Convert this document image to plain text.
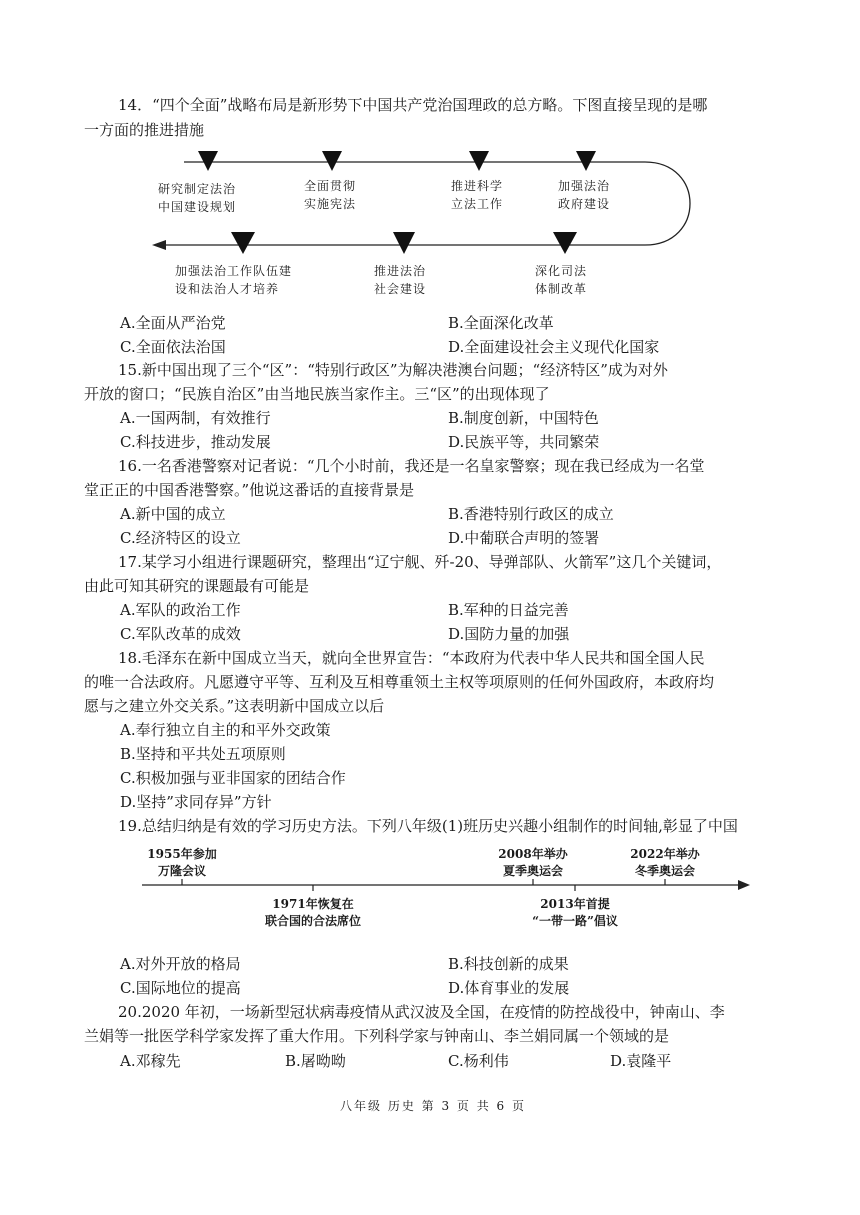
14．“四个全面”战略布局是新形势下中国共产党治国理政的总方略。下图直接呈现的是哪
一方面的推进措施
研究制定法治
中国建设规划
全面贯彻
实施宪法
推进科学
立法工作
加强法治
政府建设
加强法治工作队伍建
设和法治人才培养
推进法治
社会建设
深化司法
体制改革
A.全面从严治党	B.全面深化改革
C.全面依法治国	D.全面建设社会主义现代化国家
15.新中国出现了三个“区”：“特别行政区”为解决港澳台问题；“经济特区”成为对外
开放的窗口；“民族自治区”由当地民族当家作主。三“区”的出现体现了
A.一国两制，有效推行	B.制度创新，中国特色
C.科技进步，推动发展	D.民族平等，共同繁荣
16.一名香港警察对记者说：“几个小时前，我还是一名皇家警察；现在我已经成为一名堂
堂正正的中国香港警察。”他说这番话的直接背景是
A.新中国的成立	B.香港特别行政区的成立
C.经济特区的设立	D.中葡联合声明的签署
17.某学习小组进行课题研究，整理出“辽宁舰、歼-20、导弹部队、火箭军”这几个关键词，
由此可知其研究的课题最有可能是
A.军队的政治工作	B.军种的日益完善
C.军队改革的成效	D.国防力量的加强
18.毛泽东在新中国成立当天，就向全世界宣告：“本政府为代表中华人民共和国全国人民
的唯一合法政府。凡愿遵守平等、互利及互相尊重领土主权等项原则的任何外国政府，本政府均
愿与之建立外交关系。”这表明新中国成立以后
A.奉行独立自主的和平外交政策
B.坚持和平共处五项原则
C.积极加强与亚非国家的团结合作
D.坚持”求同存异”方针
19.总结归纳是有效的学习历史方法。下列八年级(1)班历史兴趣小组制作的时间轴,彰显了中国
1955年参加
万隆会议
2008年举办
夏季奥运会
2022年举办
冬季奥运会
1971年恢复在
联合国的合法席位
2013年首提
“一带一路”倡议
A.对外开放的格局	B.科技创新的成果
C.国际地位的提高	D.体育事业的发展
20.2020 年初，一场新型冠状病毒疫情从武汉波及全国，在疫情的防控战役中，钟南山、李
兰娟等一批医学科学家发挥了重大作用。下列科学家与钟南山、李兰娟同属一个领域的是
A.邓稼先	B.屠呦呦	C.杨利伟	D.袁隆平
八年级 历史 第 3 页 共 6 页
